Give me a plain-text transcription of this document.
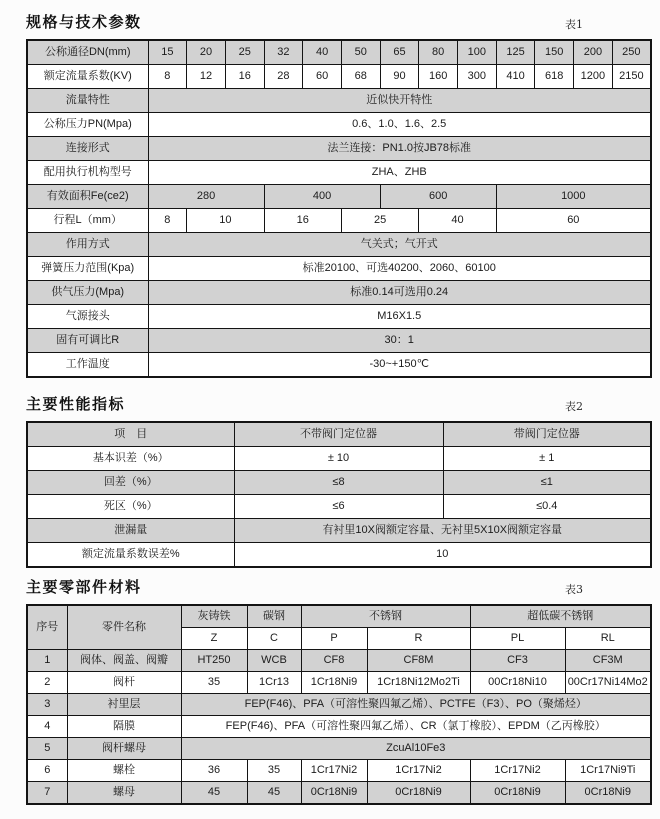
规格与技术参数	表1
公称通径DN(mm)	15	20	25	32	40	50	65	80	100	125	150	200	250
额定流量系数(KV)	8	12	16	28	60	68	90	160	300	410	618	1200	2150
流量特性	近似快开特性												
公称压力PN(Mpa)	0.6、1.0、1.6、2.5												
连接形式	法兰连接：PN1.0按JB78标准												
配用执行机构型号	ZHA、ZHB												
有效面积Fe(ce2)	280			400			600			1000			
行程L（mm）	8	10		16		25		40		60			
作用方式	气关式；气开式												
弹簧压力范围(Kpa)	标准20100、可选40200、2060、60100												
供气压力(Mpa)	标准0.14可选用0.24												
气源接头	M16X1.5												
固有可调比R	30：1												
工作温度	-30~+150℃												
主要性能指标	表2
项　目	不带阀门定位器	带阀门定位器
基本识差（%）	± 10	± 1
回差（%）	≤8	≤1
死区（%）	≤6	≤0.4
泄漏量	有衬里10X阀额定容量、无衬里5X10X阀额定容量	
额定流量系数误差%	10	
主要零部件材料	表3
序号	零件名称	灰铸铁	碳钢	不锈钢		超低碳不锈钢	
		Z	C	P	R	PL	RL
1	阀体、阀盖、阀瓣	HT250	WCB	CF8	CF8M	CF3	CF3M
2	阀杆	35	1Cr13	1Cr18Ni9	1Cr18Ni12Mo2Ti	00Cr18Ni10	00Cr17Ni14Mo2
3	衬里层	FEP(F46)、PFA（可溶性聚四氟乙烯）、PCTFE（F3）、PO（聚烯烃）					
4	隔膜	FEP(F46)、PFA（可溶性聚四氟乙烯）、CR（氯丁橡胶）、EPDM（乙丙橡胶）					
5	阀杆螺母	ZcuAl10Fe3					
6	螺栓	36	35	1Cr17Ni2	1Cr17Ni2	1Cr17Ni2	1Cr17Ni9Ti
7	螺母	45	45	0Cr18Ni9	0Cr18Ni9	0Cr18Ni9	0Cr18Ni9
